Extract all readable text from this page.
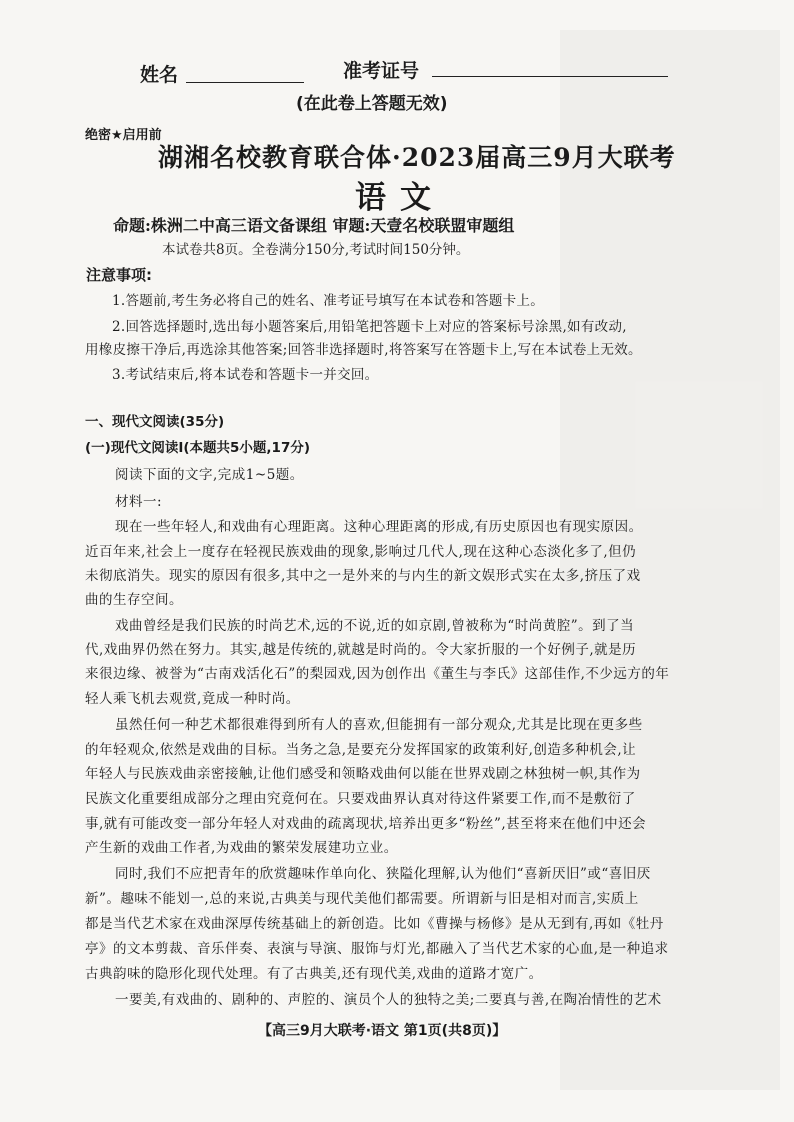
姓名	准考证号
(在此卷上答题无效)
绝密★启用前
湖湘名校教育联合体·2023届高三9月大联考
语文
命题:株洲二中高三语文备课组 审题:天壹名校联盟审题组
本试卷共8页。全卷满分150分,考试时间150分钟。
注意事项:
1.答题前,考生务必将自己的姓名、准考证号填写在本试卷和答题卡上。
2.回答选择题时,选出每小题答案后,用铅笔把答题卡上对应的答案标号涂黑,如有改动,
用橡皮擦干净后,再选涂其他答案;回答非选择题时,将答案写在答题卡上,写在本试卷上无效。
3.考试结束后,将本试卷和答题卡一并交回。
一、现代文阅读(35分)
(一)现代文阅读Ⅰ(本题共5小题,17分)
阅读下面的文字,完成1~5题。
材料一:
现在一些年轻人,和戏曲有心理距离。这种心理距离的形成,有历史原因也有现实原因。
近百年来,社会上一度存在轻视民族戏曲的现象,影响过几代人,现在这种心态淡化多了,但仍
未彻底消失。现实的原因有很多,其中之一是外来的与内生的新文娱形式实在太多,挤压了戏
曲的生存空间。
戏曲曾经是我们民族的时尚艺术,远的不说,近的如京剧,曾被称为“时尚黄腔”。到了当
代,戏曲界仍然在努力。其实,越是传统的,就越是时尚的。令大家折服的一个好例子,就是历
来很边缘、被誉为“古南戏活化石”的梨园戏,因为创作出《董生与李氏》这部佳作,不少远方的年
轻人乘飞机去观赏,竟成一种时尚。
虽然任何一种艺术都很难得到所有人的喜欢,但能拥有一部分观众,尤其是比现在更多些
的年轻观众,依然是戏曲的目标。当务之急,是要充分发挥国家的政策利好,创造多种机会,让
年轻人与民族戏曲亲密接触,让他们感受和领略戏曲何以能在世界戏剧之林独树一帜,其作为
民族文化重要组成部分之理由究竟何在。只要戏曲界认真对待这件紧要工作,而不是敷衍了
事,就有可能改变一部分年轻人对戏曲的疏离现状,培养出更多“粉丝”,甚至将来在他们中还会
产生新的戏曲工作者,为戏曲的繁荣发展建功立业。
同时,我们不应把青年的欣赏趣味作单向化、狭隘化理解,认为他们“喜新厌旧”或“喜旧厌
新”。趣味不能划一,总的来说,古典美与现代美他们都需要。所谓新与旧是相对而言,实质上
都是当代艺术家在戏曲深厚传统基础上的新创造。比如《曹操与杨修》是从无到有,再如《牡丹
亭》的文本剪裁、音乐伴奏、表演与导演、服饰与灯光,都融入了当代艺术家的心血,是一种追求
古典韵味的隐形化现代处理。有了古典美,还有现代美,戏曲的道路才宽广。
一要美,有戏曲的、剧种的、声腔的、演员个人的独特之美;二要真与善,在陶冶情性的艺术
【高三9月大联考·语文 第1页(共8页)】
